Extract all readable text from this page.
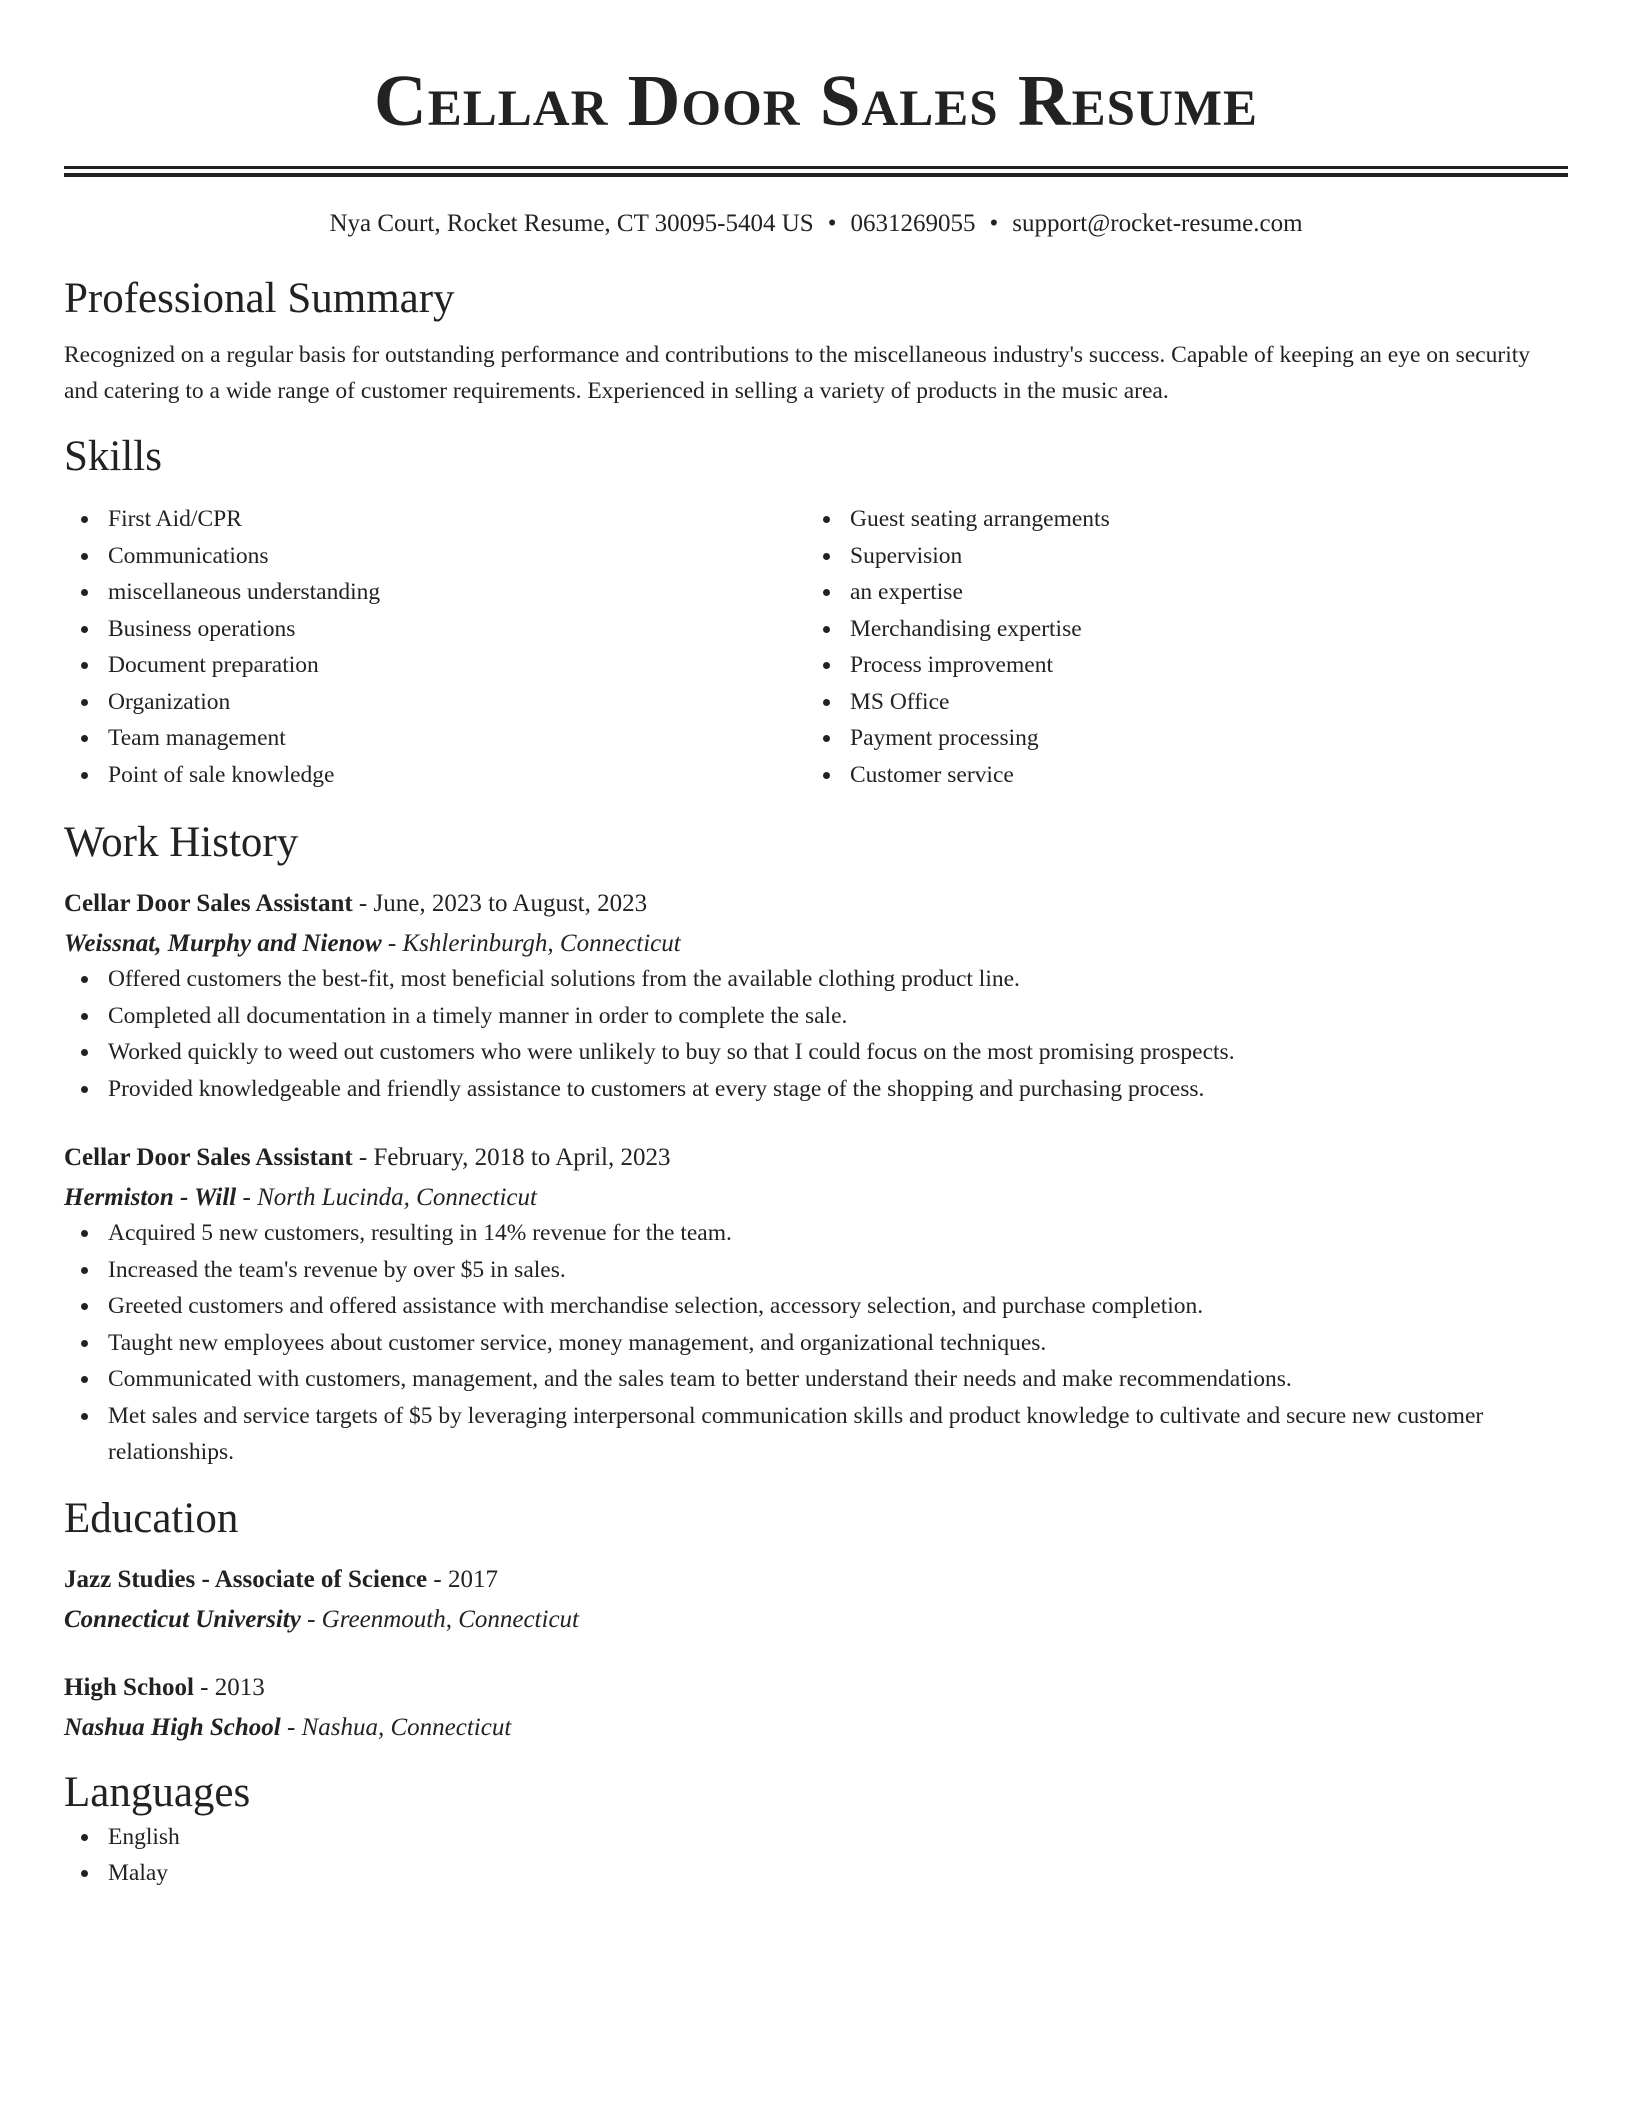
Cellar Door Sales Resume
Nya Court, Rocket Resume, CT 30095-5404 US • 0631269055 • support@rocket-resume.com
Professional Summary

Recognized on a regular basis for outstanding performance and contributions to the miscellaneous industry's success. Capable of keeping an eye on security and catering to a wide range of customer requirements. Experienced in selling a variety of products in the music area.

Skills
First Aid/CPR
Communications
miscellaneous understanding
Business operations
Document preparation
Organization
Team management
Point of sale knowledge
Guest seating arrangements
Supervision
an expertise
Merchandising expertise
Process improvement
MS Office
Payment processing
Customer service
Work History
Cellar Door Sales Assistant - June, 2023 to August, 2023
Weissnat, Murphy and Nienow - Kshlerinburgh, Connecticut
Offered customers the best-fit, most beneficial solutions from the available clothing product line.
Completed all documentation in a timely manner in order to complete the sale.
Worked quickly to weed out customers who were unlikely to buy so that I could focus on the most promising prospects.
Provided knowledgeable and friendly assistance to customers at every stage of the shopping and purchasing process.
Cellar Door Sales Assistant - February, 2018 to April, 2023
Hermiston - Will - North Lucinda, Connecticut
Acquired 5 new customers, resulting in 14% revenue for the team.
Increased the team's revenue by over $5 in sales.
Greeted customers and offered assistance with merchandise selection, accessory selection, and purchase completion.
Taught new employees about customer service, money management, and organizational techniques.
Communicated with customers, management, and the sales team to better understand their needs and make recommendations.
Met sales and service targets of $5 by leveraging interpersonal communication skills and product knowledge to cultivate and secure new customer relationships.
Education
Jazz Studies - Associate of Science - 2017
Connecticut University - Greenmouth, Connecticut
High School - 2013
Nashua High School - Nashua, Connecticut
Languages
English
Malay
